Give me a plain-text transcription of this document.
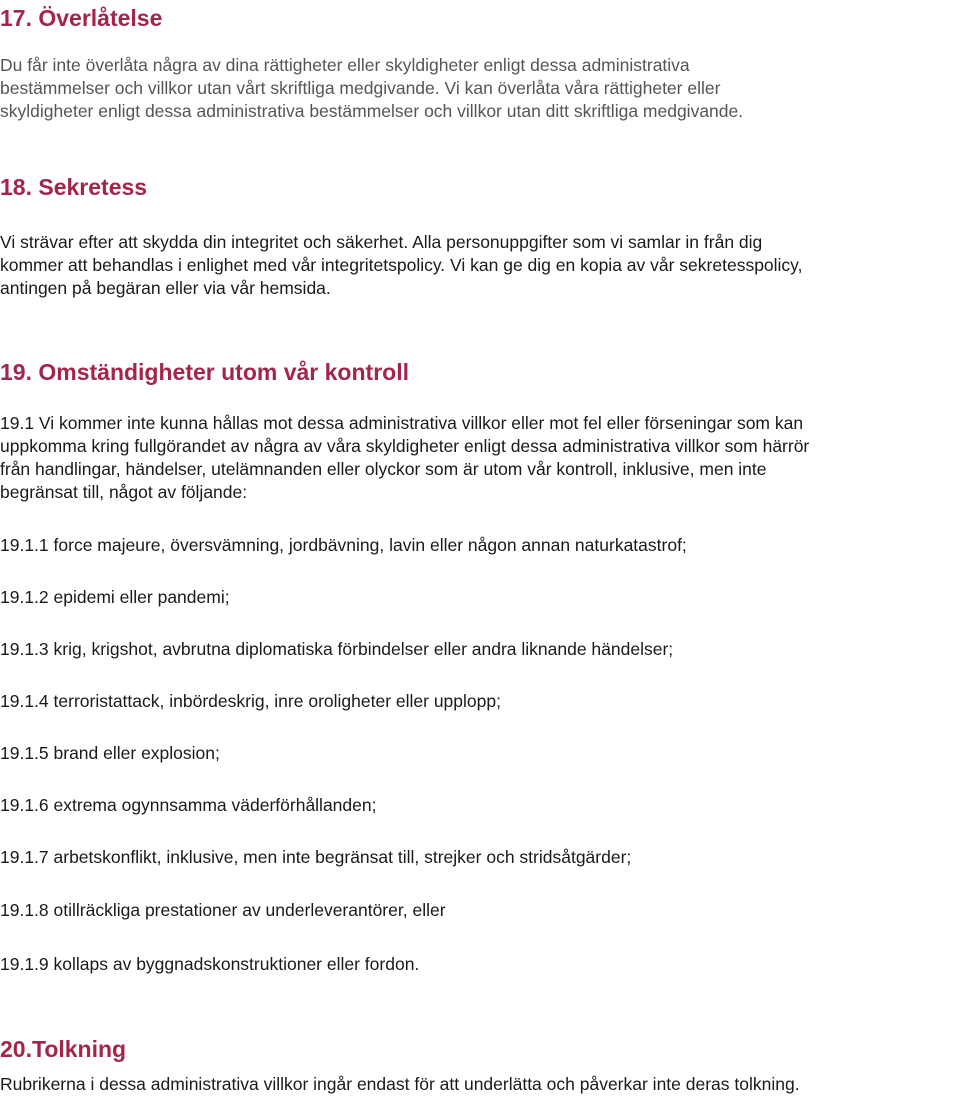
17. Överlåtelse

Du får inte överlåta några av dina rättigheter eller skyldigheter enligt dessa administrativa
bestämmelser och villkor utan vårt skriftliga medgivande. Vi kan överlåta våra rättigheter eller
skyldigheter enligt dessa administrativa bestämmelser och villkor utan ditt skriftliga medgivande.

18. Sekretess

Vi strävar efter att skydda din integritet och säkerhet. Alla personuppgifter som vi samlar in från dig
kommer att behandlas i enlighet med vår integritetspolicy. Vi kan ge dig en kopia av vår sekretesspolicy,
antingen på begäran eller via vår hemsida.

19. Omständigheter utom vår kontroll

19.1 Vi kommer inte kunna hållas mot dessa administrativa villkor eller mot fel eller förseningar som kan
uppkomma kring fullgörandet av några av våra skyldigheter enligt dessa administrativa villkor som härrör
från handlingar, händelser, utelämnanden eller olyckor som är utom vår kontroll, inklusive, men inte
begränsat till, något av följande:

19.1.1 force majeure, översvämning, jordbävning, lavin eller någon annan naturkatastrof;

19.1.2 epidemi eller pandemi;

19.1.3 krig, krigshot, avbrutna diplomatiska förbindelser eller andra liknande händelser;

19.1.4 terroristattack, inbördeskrig, inre oroligheter eller upplopp;

19.1.5 brand eller explosion;

19.1.6 extrema ogynnsamma väderförhållanden;

19.1.7 arbetskonflikt, inklusive, men inte begränsat till, strejker och stridsåtgärder;

19.1.8 otillräckliga prestationer av underleverantörer, eller

19.1.9 kollaps av byggnadskonstruktioner eller fordon.

20.Tolkning

Rubrikerna i dessa administrativa villkor ingår endast för att underlätta och påverkar inte deras tolkning.
